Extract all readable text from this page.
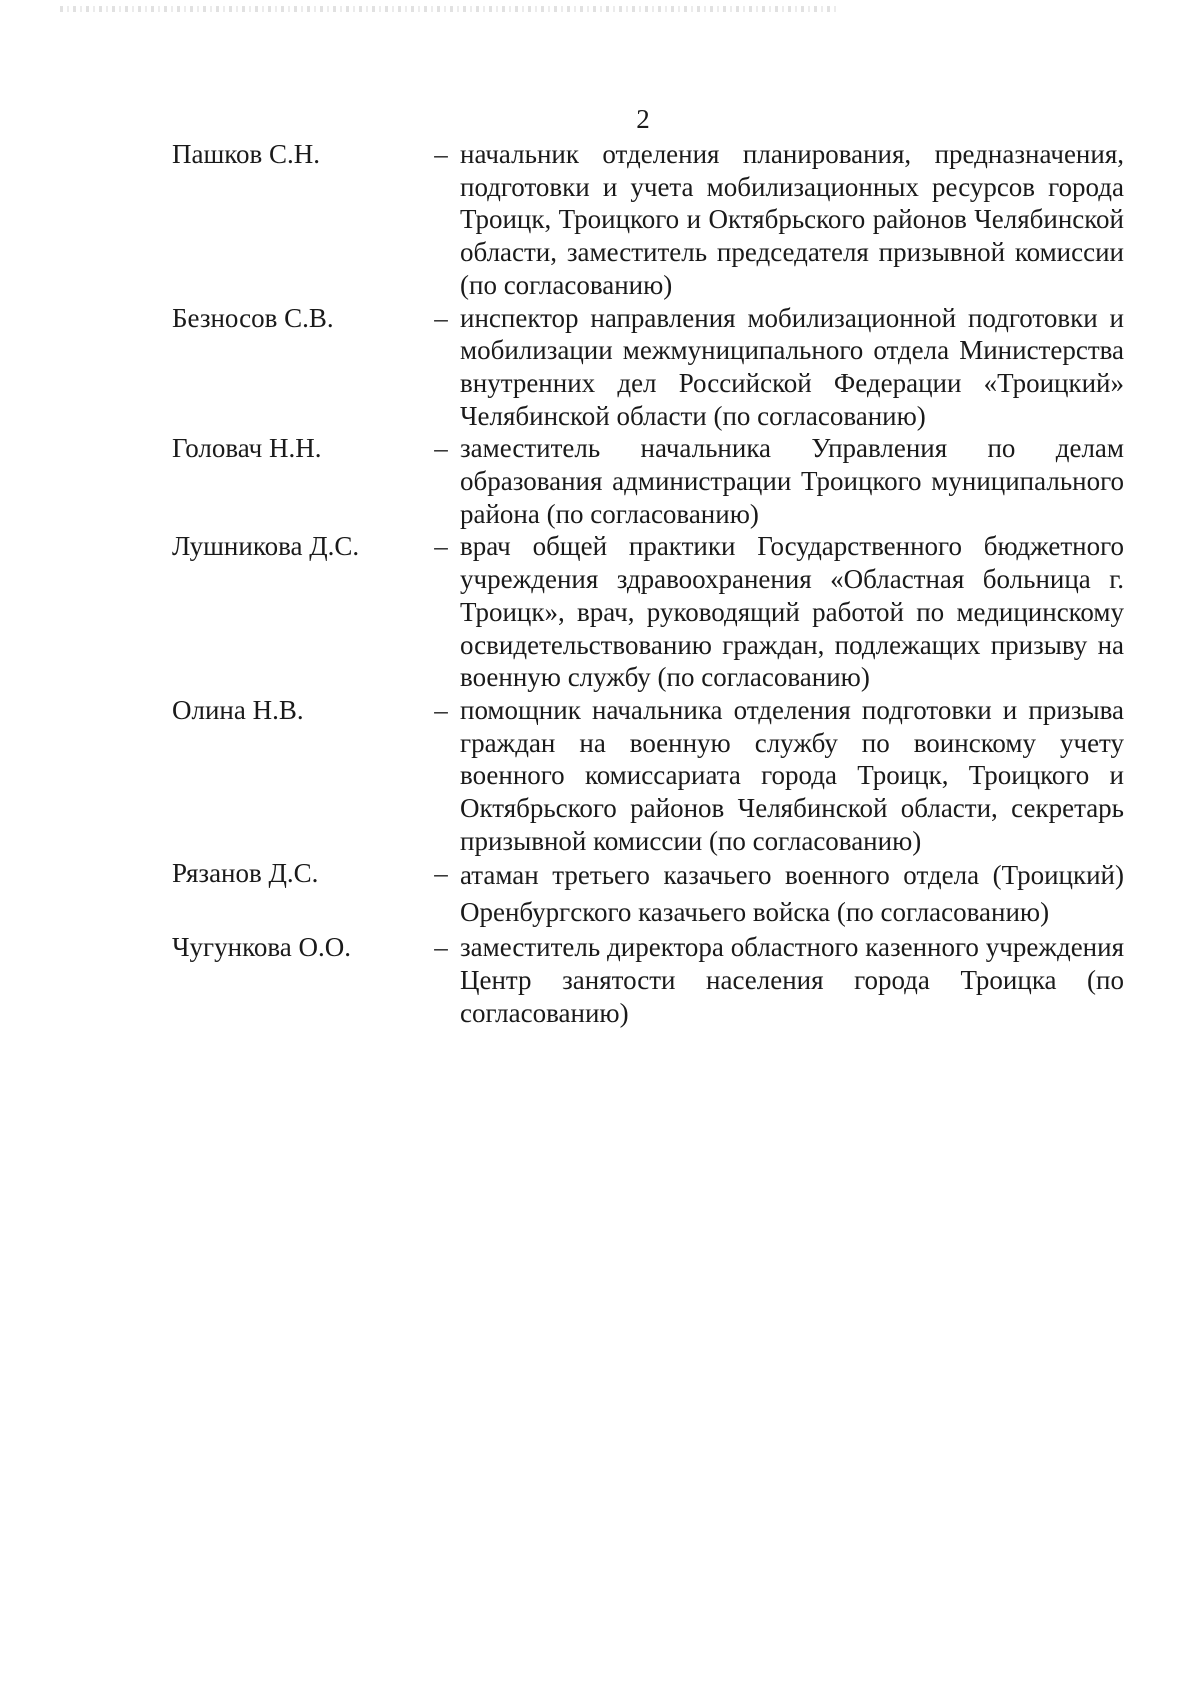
2
Пашков С.Н.	– начальник отделения планирования, предназначения, подготовки и учета мобилизационных ресурсов города Троицк, Троицкого и Октябрьского районов Челябинской области, заместитель председателя призывной комиссии (по согласованию)
Безносов С.В.	– инспектор направления мобилизационной подготовки и мобилизации межмуниципального отдела Министерства внутренних дел Российской Федерации «Троицкий» Челябинской области (по согласованию)
Головач Н.Н.	– заместитель начальника Управления по делам образования администрации Троицкого муниципального района (по согласованию)
Лушникова Д.С.	– врач общей практики Государственного бюджетного учреждения здравоохранения «Областная больница г. Троицк», врач, руководящий работой по медицинскому освидетельствованию граждан, подлежащих призыву на военную службу (по согласованию)
Олина Н.В.	– помощник начальника отделения подготовки и призыва граждан на военную службу по воинскому учету военного комиссариата города Троицк, Троицкого и Октябрьского районов Челябинской области, секретарь призывной комиссии (по согласованию)
Рязанов Д.С.	– атаман третьего казачьего военного отдела (Троицкий) Оренбургского казачьего войска (по согласованию)
Чугункова О.О.	– заместитель директора областного казенного учреждения Центр занятости населения города Троицка (по согласованию)
